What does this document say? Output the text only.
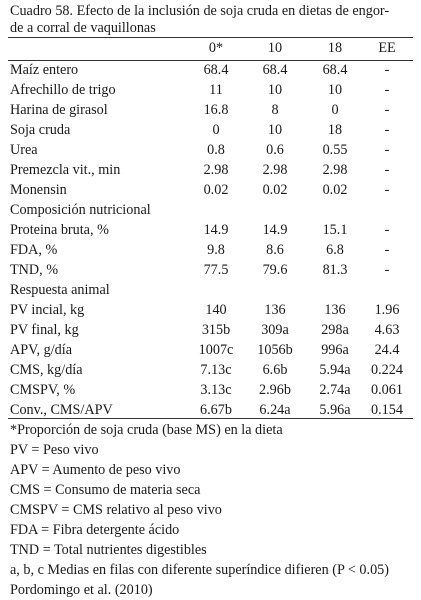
Cuadro 58. Efecto de la inclusión de soja cruda en dietas de engor-
de a corral de vaquillonas
0*	10	18	EE
Maíz entero	68.4	68.4	68.4	-
Afrechillo de trigo	11	10	10	-
Harina de girasol	16.8	8	0	-
Soja cruda	0	10	18	-
Urea	0.8	0.6	0.55	-
Premezcla vit., min	2.98	2.98	2.98	-
Monensin	0.02	0.02	0.02	-
Composición nutricional
Proteina bruta, %	14.9	14.9	15.1	-
FDA, %	9.8	8.6	6.8	-
TND, %	77.5	79.6	81.3	-
Respuesta animal
PV incial, kg	140	136	136	1.96
PV final, kg	315b	309a	298a	4.63
APV, g/día	1007c	1056b	996a	24.4
CMS, kg/día	7.13c	6.6b	5.94a	0.224
CMSPV, %	3.13c	2.96b	2.74a	0.061
Conv., CMS/APV	6.67b	6.24a	5.96a	0.154
*Proporción de soja cruda (base MS) en la dieta
PV = Peso vivo
APV = Aumento de peso vivo
CMS = Consumo de materia seca
CMSPV = CMS relativo al peso vivo
FDA = Fibra detergente ácido
TND = Total nutrientes digestibles
a, b, c Medias en filas con diferente superíndice difieren (P < 0.05)
Pordomingo et al. (2010)
